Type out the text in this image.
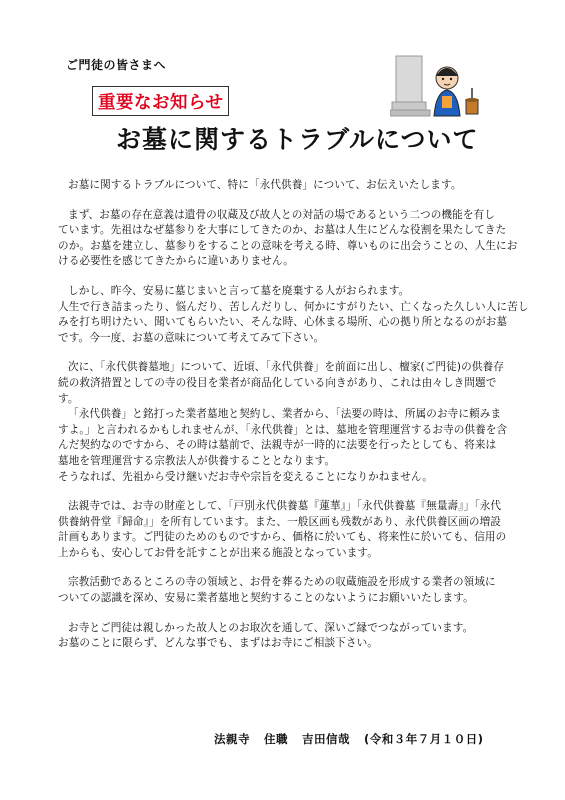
ご門徒の皆さまへ
重要なお知らせ
お墓に関するトラブルについて
お墓に関するトラブルについて、特に「永代供養」について、お伝えいたします。
まず、お墓の存在意義は遺骨の収蔵及び故人との対話の場であるという二つの機能を有し
ています。先祖はなぜ墓参りを大事にしてきたのか、お墓は人生にどんな役割を果たしてきた
のか。お墓を建立し、墓参りをすることの意味を考える時、尊いものに出会うことの、人生にお
ける必要性を感じてきたからに違いありません。
しかし、昨今、安易に墓じまいと言って墓を廃棄する人がおられます。
人生で行き詰まったり、悩んだり、苦しんだりし、何かにすがりたい、亡くなった久しい人に苦し
みを打ち明けたい、聞いてもらいたい、そんな時、心休まる場所、心の拠り所となるのがお墓
です。今一度、お墓の意味について考えてみて下さい。
次に、「永代供養墓地」について、近頃、「永代供養」を前面に出し、檀家(ご門徒)の供養存
続の救済措置としての寺の役目を業者が商品化している向きがあり、これは由々しき問題で
す。
「永代供養」と銘打った業者墓地と契約し、業者から、「法要の時は、所属のお寺に頼みま
すよ。」と言われるかもしれませんが、「永代供養」とは、墓地を管理運営するお寺の供養を含
んだ契約なのですから、その時は墓前で、法親寺が一時的に法要を行ったとしても、将来は
墓地を管理運営する宗教法人が供養することとなります。
そうなれば、先祖から受け継いだお寺や宗旨を変えることになりかねません。
法親寺では、お寺の財産として、「戸別永代供養墓『蓮華』」「永代供養墓『無量壽』」「永代
供養納骨堂『歸命』」を所有しています。また、一般区画も残数があり、永代供養区画の増設
計画もあります。ご門徒のためのものですから、価格に於いても、将来性に於いても、信用の
上からも、安心してお骨を託すことが出来る施設となっています。
宗教活動であるところの寺の領域と、お骨を葬るための収蔵施設を形成する業者の領域に
ついての認識を深め、安易に業者墓地と契約することのないようにお願いいたします。
お寺とご門徒は親しかった故人とのお取次を通して、深いご縁でつながっています。
お墓のことに限らず、どんな事でも、まずはお寺にご相談下さい。
法親寺 住職 吉田信哉 (令和３年７月１０日)
